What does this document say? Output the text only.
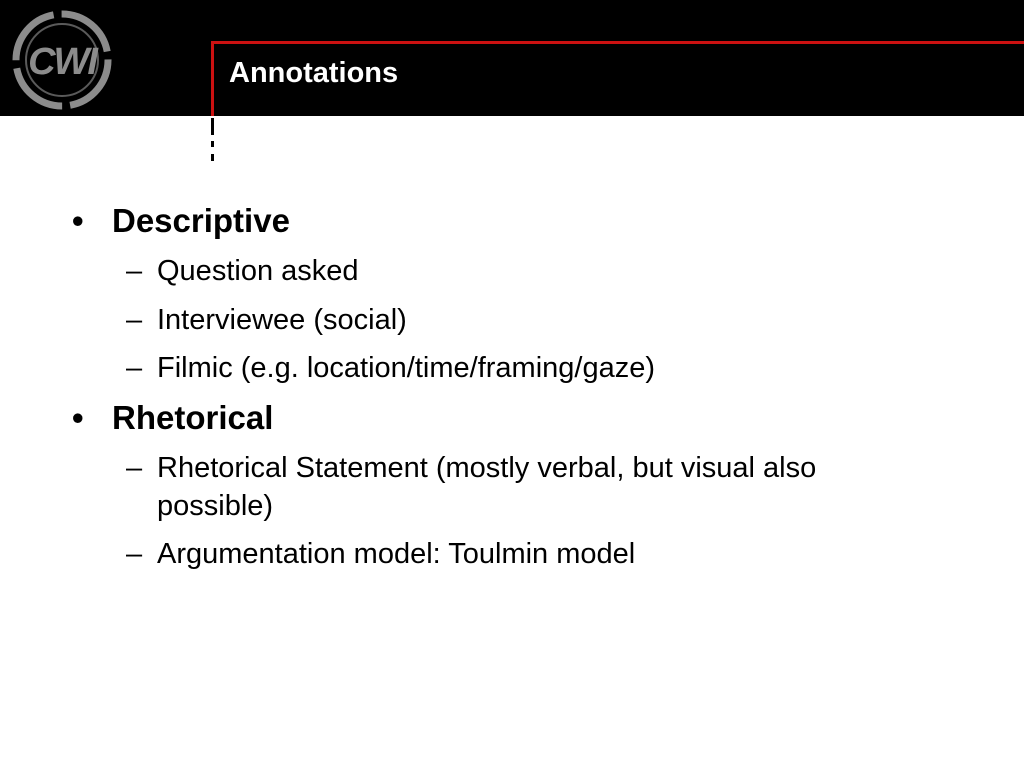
CWI	Annotations
• Descriptive
– Question asked
– Interviewee (social)
– Filmic (e.g. location/time/framing/gaze)
• Rhetorical
– Rhetorical Statement (mostly verbal, but visual also
possible)
– Argumentation model: Toulmin model
